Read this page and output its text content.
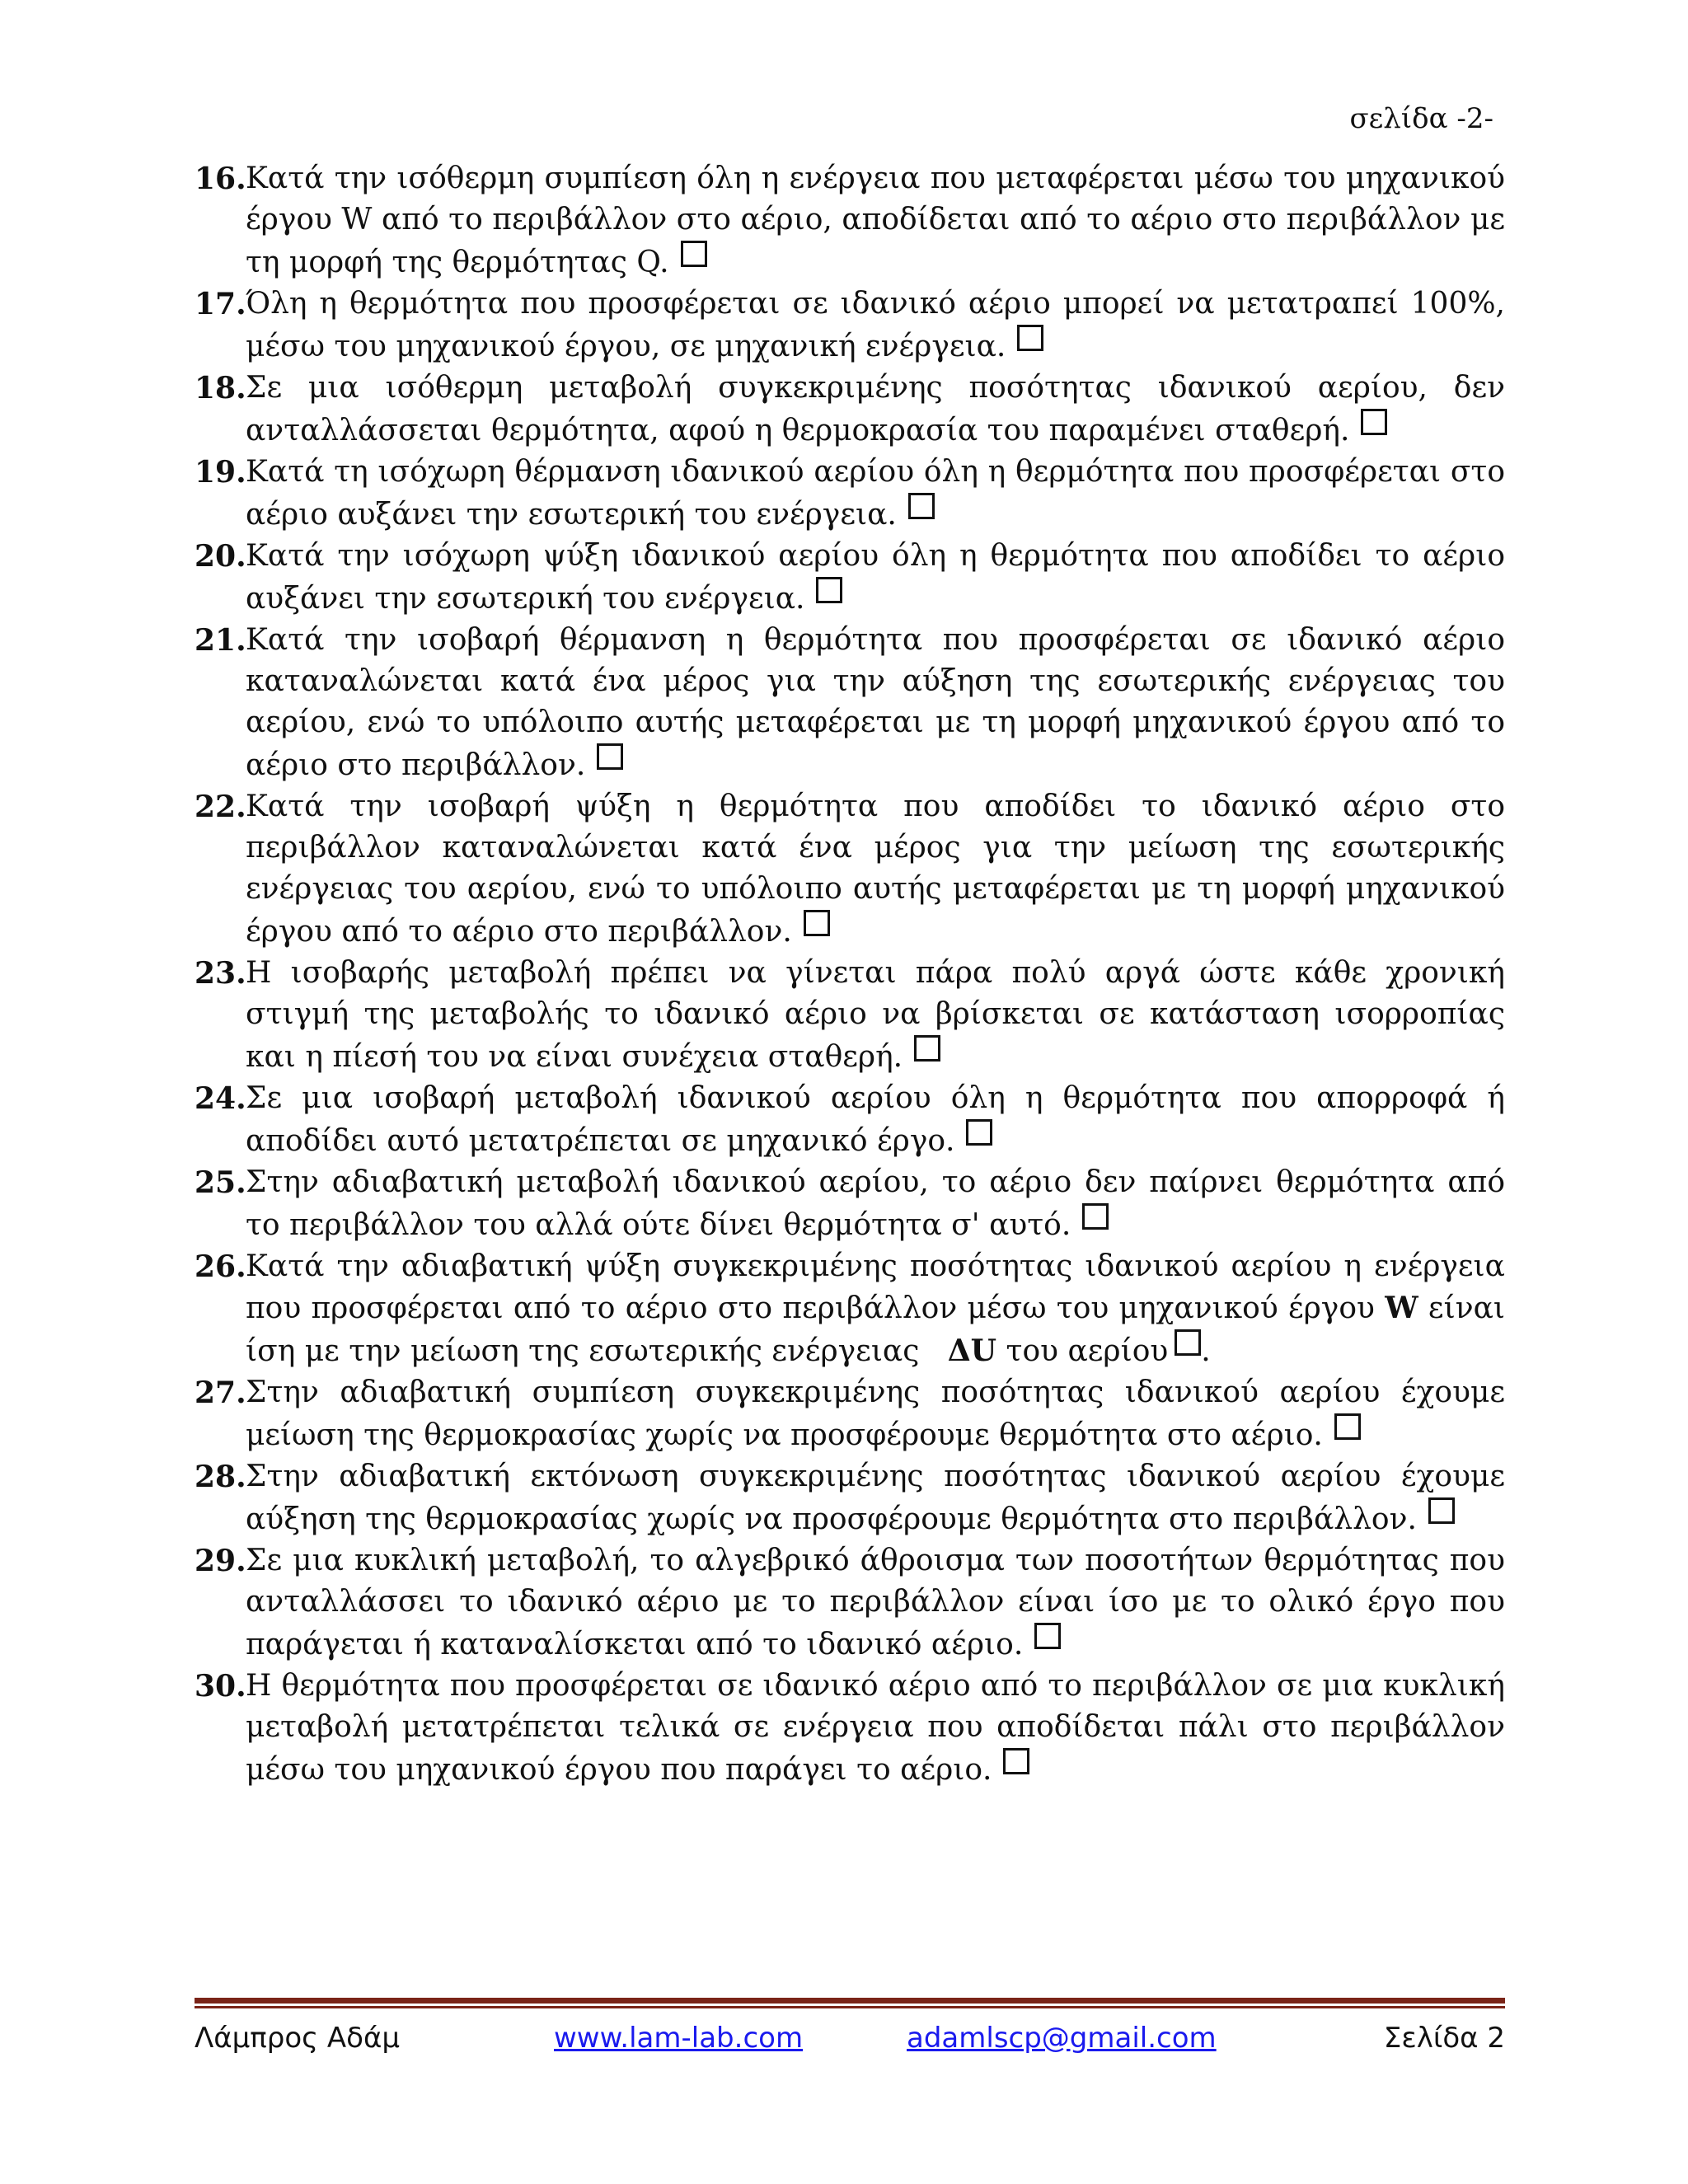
σελίδα -2-
16. Κατά την ισόθερμη συμπίεση όλη η ενέργεια που μεταφέρεται μέσω του μηχανικού έργου W από το περιβάλλον στο αέριο, αποδίδεται από το αέριο στο περιβάλλον με τη μορφή της θερμότητας Q.
17. Όλη η θερμότητα που προσφέρεται σε ιδανικό αέριο μπορεί να μετατραπεί 100%, μέσω του μηχανικού έργου, σε μηχανική ενέργεια.
18. Σε μια ισόθερμη μεταβολή συγκεκριμένης ποσότητας ιδανικού αερίου, δεν ανταλλάσσεται θερμότητα, αφού η θερμοκρασία του παραμένει σταθερή.
19. Κατά τη ισόχωρη θέρμανση ιδανικού αερίου όλη η θερμότητα που προσφέρεται στο αέριο αυξάνει την εσωτερική του ενέργεια.
20. Κατά την ισόχωρη ψύξη ιδανικού αερίου όλη η θερμότητα που αποδίδει το αέριο αυξάνει την εσωτερική του ενέργεια.
21. Κατά την ισοβαρή θέρμανση η θερμότητα που προσφέρεται σε ιδανικό αέριο καταναλώνεται κατά ένα μέρος για την αύξηση της εσωτερικής ενέργειας του αερίου, ενώ το υπόλοιπο αυτής μεταφέρεται με τη μορφή μηχανικού έργου από το αέριο στο περιβάλλον.
22. Κατά την ισοβαρή ψύξη η θερμότητα που αποδίδει το ιδανικό αέριο στο περιβάλλον καταναλώνεται κατά ένα μέρος για την μείωση της εσωτερικής ενέργειας του αερίου, ενώ το υπόλοιπο αυτής μεταφέρεται με τη μορφή μηχανικού έργου από το αέριο στο περιβάλλον.
23. Η ισοβαρής μεταβολή πρέπει να γίνεται πάρα πολύ αργά ώστε κάθε χρονική στιγμή της μεταβολής το ιδανικό αέριο να βρίσκεται σε κατάσταση ισορροπίας και η πίεσή του να είναι συνέχεια σταθερή.
24. Σε μια ισοβαρή μεταβολή ιδανικού αερίου όλη η θερμότητα που απορροφά ή αποδίδει αυτό μετατρέπεται σε μηχανικό έργο.
25. Στην αδιαβατική μεταβολή ιδανικού αερίου, το αέριο δεν παίρνει θερμότητα από το περιβάλλον του αλλά ούτε δίνει θερμότητα σ' αυτό.
26. Κατά την αδιαβατική ψύξη συγκεκριμένης ποσότητας ιδανικού αερίου η ενέργεια που προσφέρεται από το αέριο στο περιβάλλον μέσω του μηχανικού έργου W είναι ίση με την μείωση της εσωτερικής ενέργειας ΔU του αερίου .
27. Στην αδιαβατική συμπίεση συγκεκριμένης ποσότητας ιδανικού αερίου έχουμε μείωση της θερμοκρασίας χωρίς να προσφέρουμε θερμότητα στο αέριο.
28. Στην αδιαβατική εκτόνωση συγκεκριμένης ποσότητας ιδανικού αερίου έχουμε αύξηση της θερμοκρασίας χωρίς να προσφέρουμε θερμότητα στο περιβάλλον.
29. Σε μια κυκλική μεταβολή, το αλγεβρικό άθροισμα των ποσοτήτων θερμότητας που ανταλλάσσει το ιδανικό αέριο με το περιβάλλον είναι ίσο με το ολικό έργο που παράγεται ή καταναλίσκεται από το ιδανικό αέριο.
30. Η θερμότητα που προσφέρεται σε ιδανικό αέριο από το περιβάλλον σε μια κυκλική μεταβολή μετατρέπεται τελικά σε ενέργεια που αποδίδεται πάλι στο περιβάλλον μέσω του μηχανικού έργου που παράγει το αέριο.
Λάμπρος Αδάμ	www.lam-lab.com	adamlscp@gmail.com	Σελίδα 2
